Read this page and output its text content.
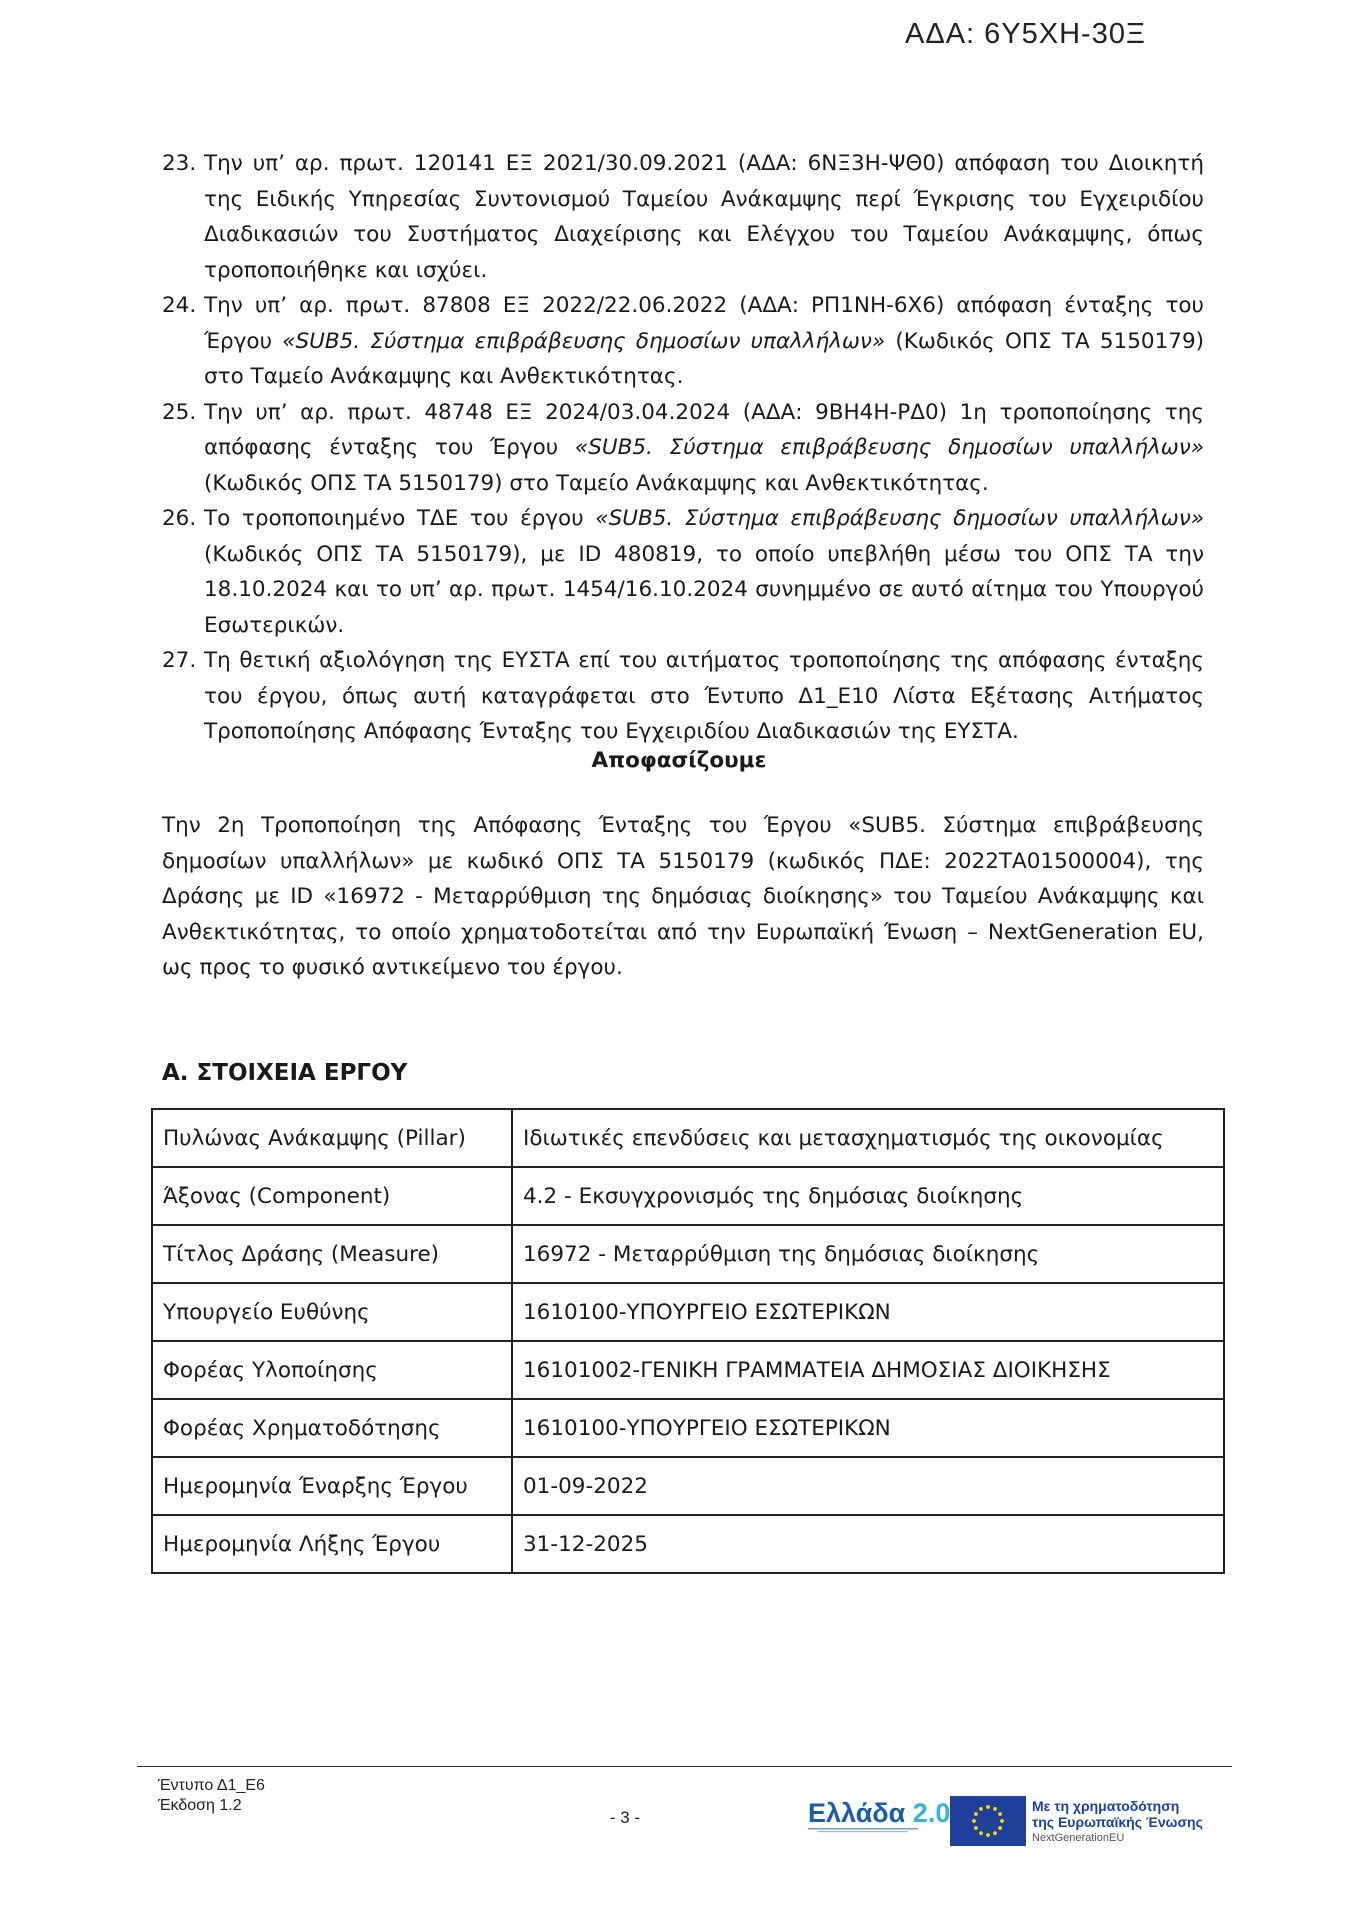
ΑΔΑ: 6Υ5ΧΗ-30Ξ
23. Την υπ’ αρ. πρωτ. 120141 ΕΞ 2021/30.09.2021 (ΑΔΑ: 6ΝΞ3Η-ΨΘ0) απόφαση του Διοικητή της Ειδικής Υπηρεσίας Συντονισμού Ταμείου Ανάκαμψης περί Έγκρισης του Εγχειριδίου Διαδικασιών του Συστήματος Διαχείρισης και Ελέγχου του Ταμείου Ανάκαμψης, όπως τροποποιήθηκε και ισχύει.
24. Την υπ’ αρ. πρωτ. 87808 ΕΞ 2022/22.06.2022 (ΑΔΑ: ΡΠ1ΝΗ-6Χ6) απόφαση ένταξης του Έργου «SUB5. Σύστημα επιβράβευσης δημοσίων υπαλλήλων» (Κωδικός ΟΠΣ ΤΑ 5150179) στο Ταμείο Ανάκαμψης και Ανθεκτικότητας.
25. Την υπ’ αρ. πρωτ. 48748 ΕΞ 2024/03.04.2024 (ΑΔΑ: 9ΒΗ4Η-ΡΔ0) 1η τροποποίησης της απόφασης ένταξης του Έργου «SUB5. Σύστημα επιβράβευσης δημοσίων υπαλλήλων» (Κωδικός ΟΠΣ ΤΑ 5150179) στο Ταμείο Ανάκαμψης και Ανθεκτικότητας.
26. Το τροποποιημένο ΤΔΕ του έργου «SUB5. Σύστημα επιβράβευσης δημοσίων υπαλλήλων» (Κωδικός ΟΠΣ ΤΑ 5150179), με ID 480819, το οποίο υπεβλήθη μέσω του ΟΠΣ ΤΑ την 18.10.2024 και το υπ’ αρ. πρωτ. 1454/16.10.2024 συνημμένο σε αυτό αίτημα του Υπουργού Εσωτερικών.
27. Τη θετική αξιολόγηση της ΕΥΣΤΑ επί του αιτήματος τροποποίησης της απόφασης ένταξης του έργου, όπως αυτή καταγράφεται στο Έντυπο Δ1_Ε10 Λίστα Εξέτασης Αιτήματος Τροποποίησης Απόφασης Ένταξης του Εγχειριδίου Διαδικασιών της ΕΥΣΤΑ.
Αποφασίζουμε
Την 2η Τροποποίηση της Απόφασης Ένταξης του Έργου «SUB5. Σύστημα επιβράβευσης δημοσίων υπαλλήλων» με κωδικό ΟΠΣ ΤΑ 5150179 (κωδικός ΠΔΕ: 2022ΤΑ01500004), της Δράσης με ID «16972 - Μεταρρύθμιση της δημόσιας διοίκησης» του Ταμείου Ανάκαμψης και Ανθεκτικότητας, το οποίο χρηματοδοτείται από την Ευρωπαϊκή Ένωση – NextGeneration EU, ως προς το φυσικό αντικείμενο του έργου.
Α. ΣΤΟΙΧΕΙΑ ΕΡΓΟΥ
Πυλώνας Ανάκαμψης (Pillar)	Ιδιωτικές επενδύσεις και μετασχηματισμός της οικονομίας
Άξονας (Component)	4.2 - Εκσυγχρονισμός της δημόσιας διοίκησης
Τίτλος Δράσης (Measure)	16972 - Μεταρρύθμιση της δημόσιας διοίκησης
Υπουργείο Ευθύνης	1610100-ΥΠΟΥΡΓΕΙΟ ΕΣΩΤΕΡΙΚΩΝ
Φορέας Υλοποίησης	16101002-ΓΕΝΙΚΗ ΓΡΑΜΜΑΤΕΙΑ ΔΗΜΟΣΙΑΣ ΔΙΟΙΚΗΣΗΣ
Φορέας Χρηματοδότησης	1610100-ΥΠΟΥΡΓΕΙΟ ΕΣΩΤΕΡΙΚΩΝ
Ημερομηνία Έναρξης Έργου	01-09-2022
Ημερομηνία Λήξης Έργου	31-12-2025
Έντυπο Δ1_Ε6
Έκδοση 1.2
- 3 -	Ελλάδα 2.0	Με τη χρηματοδότηση
της Ευρωπαϊκής Ένωσης
NextGenerationEU
